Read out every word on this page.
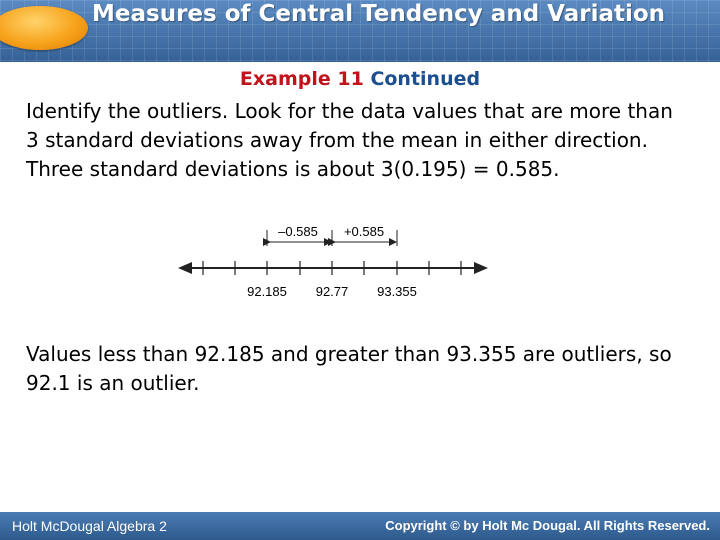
Measures of Central Tendency and Variation
Example 11 Continued

Identify the outliers. Look for the data values that are more than 3 standard deviations away from the mean in either direction. Three standard deviations is about 3(0.195) = 0.585.

–0.585 +0.585
92.185 92.77 93.355

Values less than 92.185 and greater than 93.355 are outliers, so 92.1 is an outlier.

Holt McDougal Algebra 2	Copyright © by Holt Mc Dougal. All Rights Reserved.
